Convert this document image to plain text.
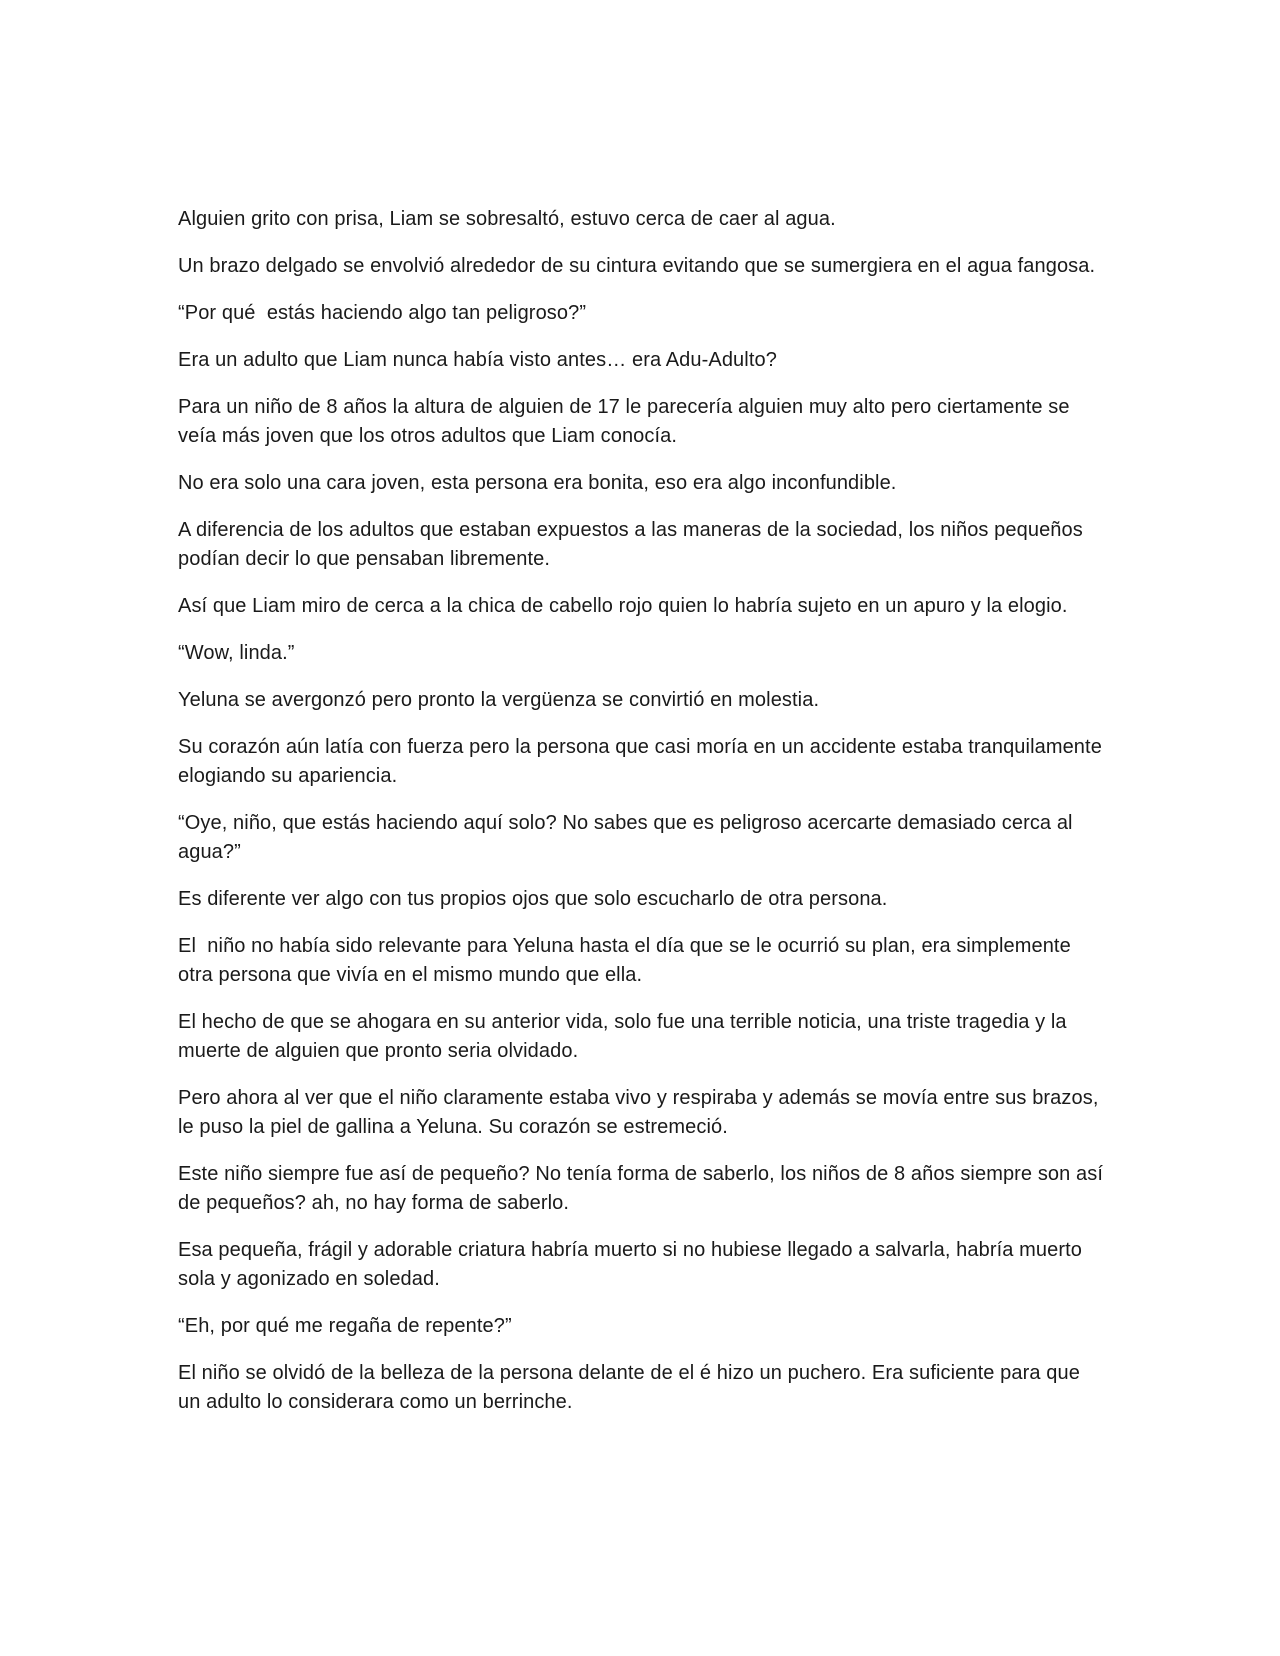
Alguien grito con prisa, Liam se sobresaltó, estuvo cerca de caer al agua.

Un brazo delgado se envolvió alrededor de su cintura evitando que se sumergiera en el agua fangosa.

“Por qué  estás haciendo algo tan peligroso?”

Era un adulto que Liam nunca había visto antes… era Adu-Adulto?

Para un niño de 8 años la altura de alguien de 17 le parecería alguien muy alto pero ciertamente se veía más joven que los otros adultos que Liam conocía.

No era solo una cara joven, esta persona era bonita, eso era algo inconfundible.

A diferencia de los adultos que estaban expuestos a las maneras de la sociedad, los niños pequeños podían decir lo que pensaban libremente.

Así que Liam miro de cerca a la chica de cabello rojo quien lo habría sujeto en un apuro y la elogio.

“Wow, linda.”

Yeluna se avergonzó pero pronto la vergüenza se convirtió en molestia.

Su corazón aún latía con fuerza pero la persona que casi moría en un accidente estaba tranquilamente elogiando su apariencia.

“Oye, niño, que estás haciendo aquí solo? No sabes que es peligroso acercarte demasiado cerca al agua?”

Es diferente ver algo con tus propios ojos que solo escucharlo de otra persona.

El  niño no había sido relevante para Yeluna hasta el día que se le ocurrió su plan, era simplemente otra persona que vivía en el mismo mundo que ella.

El hecho de que se ahogara en su anterior vida, solo fue una terrible noticia, una triste tragedia y la muerte de alguien que pronto seria olvidado.

Pero ahora al ver que el niño claramente estaba vivo y respiraba y además se movía entre sus brazos, le puso la piel de gallina a Yeluna. Su corazón se estremeció.

Este niño siempre fue así de pequeño? No tenía forma de saberlo, los niños de 8 años siempre son así de pequeños? ah, no hay forma de saberlo.

Esa pequeña, frágil y adorable criatura habría muerto si no hubiese llegado a salvarla, habría muerto sola y agonizado en soledad.

“Eh, por qué me regaña de repente?”

El niño se olvidó de la belleza de la persona delante de el é hizo un puchero. Era suficiente para que un adulto lo considerara como un berrinche.
